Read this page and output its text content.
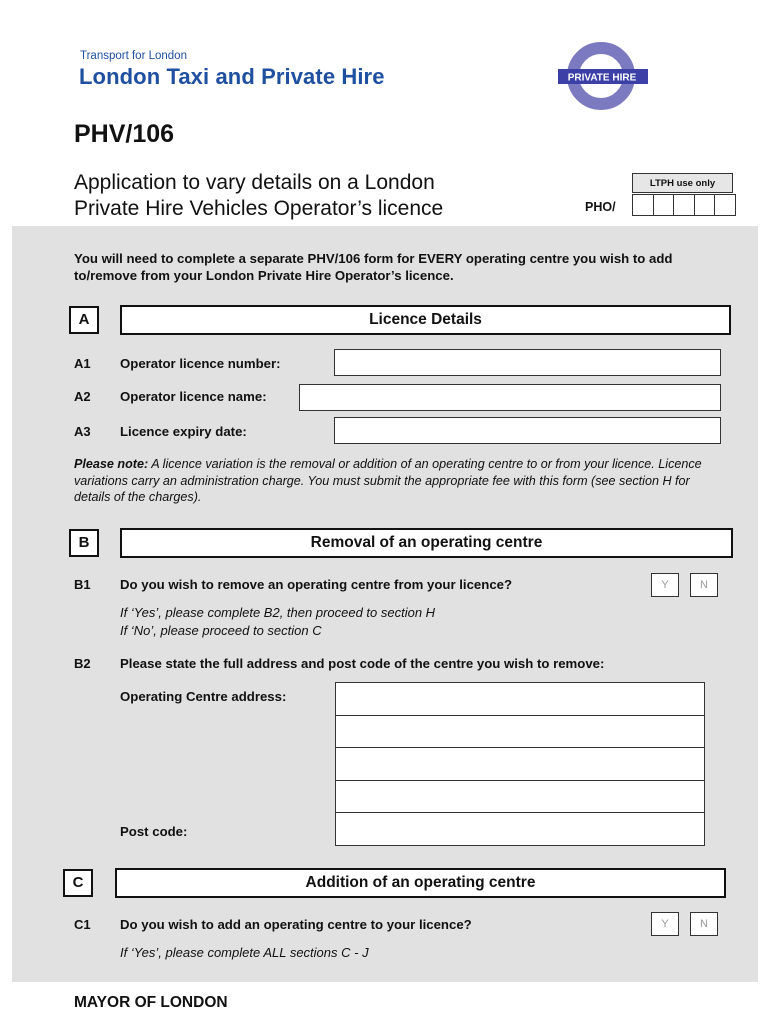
Transport for London
London Taxi and Private Hire	PRIVATE HIRE
PHV/106
Application to vary details on a London
Private Hire Vehicles Operator’s licence
LTPH use only
PHO/
You will need to complete a separate PHV/106 form for EVERY operating centre you wish to add to/remove from your London Private Hire Operator’s licence.
A	Licence Details
A1 Operator licence number:
A2 Operator licence name:
A3 Licence expiry date:
Please note: A licence variation is the removal or addition of an operating centre to or from your licence. Licence variations carry an administration charge. You must submit the appropriate fee with this form (see section H for details of the charges).
B	Removal of an operating centre
B1 Do you wish to remove an operating centre from your licence?	Y	N
If ‘Yes’, please complete B2, then proceed to section H
If ‘No’, please proceed to section C
B2 Please state the full address and post code of the centre you wish to remove:
Operating Centre address:
Post code:
C	Addition of an operating centre
C1 Do you wish to add an operating centre to your licence?	Y	N
If ‘Yes’, please complete ALL sections C - J
MAYOR OF LONDON
